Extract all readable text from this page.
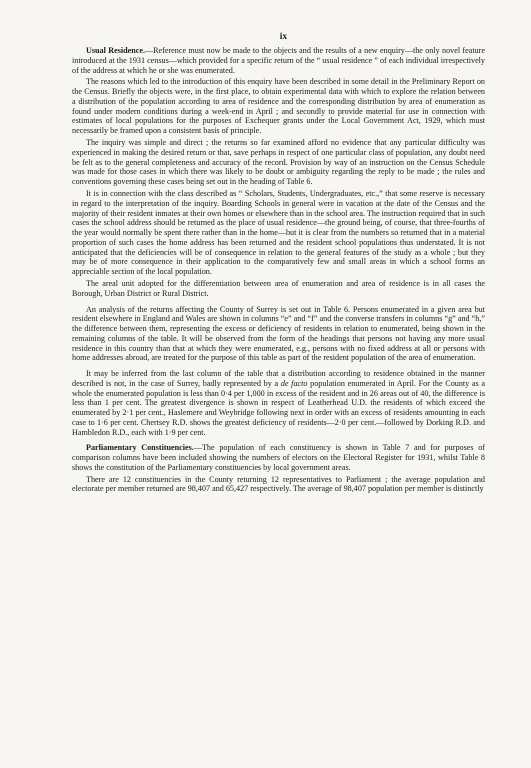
ix

Usual Residence.—Reference must now be made to the objects and the results of a new enquiry—the only novel feature introduced at the 1931 census—which provided for a specific return of the “ usual residence ” of each individual irrespectively of the address at which he or she was enumerated.

The reasons which led to the introduction of this enquiry have been described in some detail in the Preliminary Report on the Census. Briefly the objects were, in the first place, to obtain experimental data with which to explore the relation between a distribution of the population according to area of residence and the corresponding distribution by area of enumeration as found under modern conditions during a week-end in April ; and secondly to provide material for use in connection with estimates of local populations for the purposes of Exchequer grants under the Local Government Act, 1929, which must necessarily be framed upon a consistent basis of principle.

The inquiry was simple and direct ; the returns so far examined afford no evidence that any particular difficulty was experienced in making the desired return or that, save perhaps in respect of one particular class of population, any doubt need be felt as to the general completeness and accuracy of the record. Provision by way of an instruction on the Census Schedule was made for those cases in which there was likely to be doubt or ambiguity regarding the reply to be made ; the rules and conventions governing these cases being set out in the heading of Table 6.

It is in connection with the class described as “ Scholars, Students, Undergraduates, etc.,” that some reserve is necessary in regard to the interpretation of the inquiry. Boarding Schools in general were in vacation at the date of the Census and the majority of their resident inmates at their own homes or elsewhere than in the school area. The instruction required that in such cases the school address should be returned as the place of usual residence—the ground being, of course, that three-fourths of the year would normally be spent there rather than in the home—but it is clear from the numbers so returned that in a material proportion of such cases the home address has been returned and the resident school populations thus understated. It is not anticipated that the deficiencies will be of consequence in relation to the general features of the study as a whole ; but they may be of more consequence in their application to the comparatively few and small areas in which a school forms an appreciable section of the local population.

The areal unit adopted for the differentiation between area of enumeration and area of residence is in all cases the Borough, Urban District or Rural District.

An analysis of the returns affecting the County of Surrey is set out in Table 6. Persons enumerated in a given area but resident elsewhere in England and Wales are shown in columns “e” and “f” and the converse transfers in columns “g” and “h,” the difference between them, representing the excess or deficiency of residents in relation to enumerated, being shown in the remaining columns of the table. It will be observed from the form of the headings that persons not having any more usual residence in this country than that at which they were enumerated, e.g., persons with no fixed address at all or persons with home addresses abroad, are treated for the purpose of this table as part of the resident population of the area of enumeration.

It may be inferred from the last column of the table that a distribution according to residence obtained in the manner described is not, in the case of Surrey, badly represented by a de facto population enumerated in April. For the County as a whole the enumerated population is less than 0·4 per 1,000 in excess of the resident and in 26 areas out of 40, the difference is less than 1 per cent. The greatest divergence is shown in respect of Leatherhead U.D. the residents of which exceed the enumerated by 2·1 per cent., Haslemere and Weybridge following next in order with an excess of residents amounting in each case to 1·6 per cent. Chertsey R.D. shows the greatest deficiency of residents—2·0 per cent.—followed by Dorking R.D. and Hambledon R.D., each with 1·9 per cent.

Parliamentary Constituencies.—The population of each constituency is shown in Table 7 and for purposes of comparison columns have been included showing the numbers of electors on the Electoral Register for 1931, whilst Table 8 shows the constitution of the Parliamentary constituencies by local government areas.

There are 12 constituencies in the County returning 12 representatives to Parliament ; the average population and electorate per member returned are 98,407 and 65,427 respectively. The average of 98,407 population per member is distinctly
